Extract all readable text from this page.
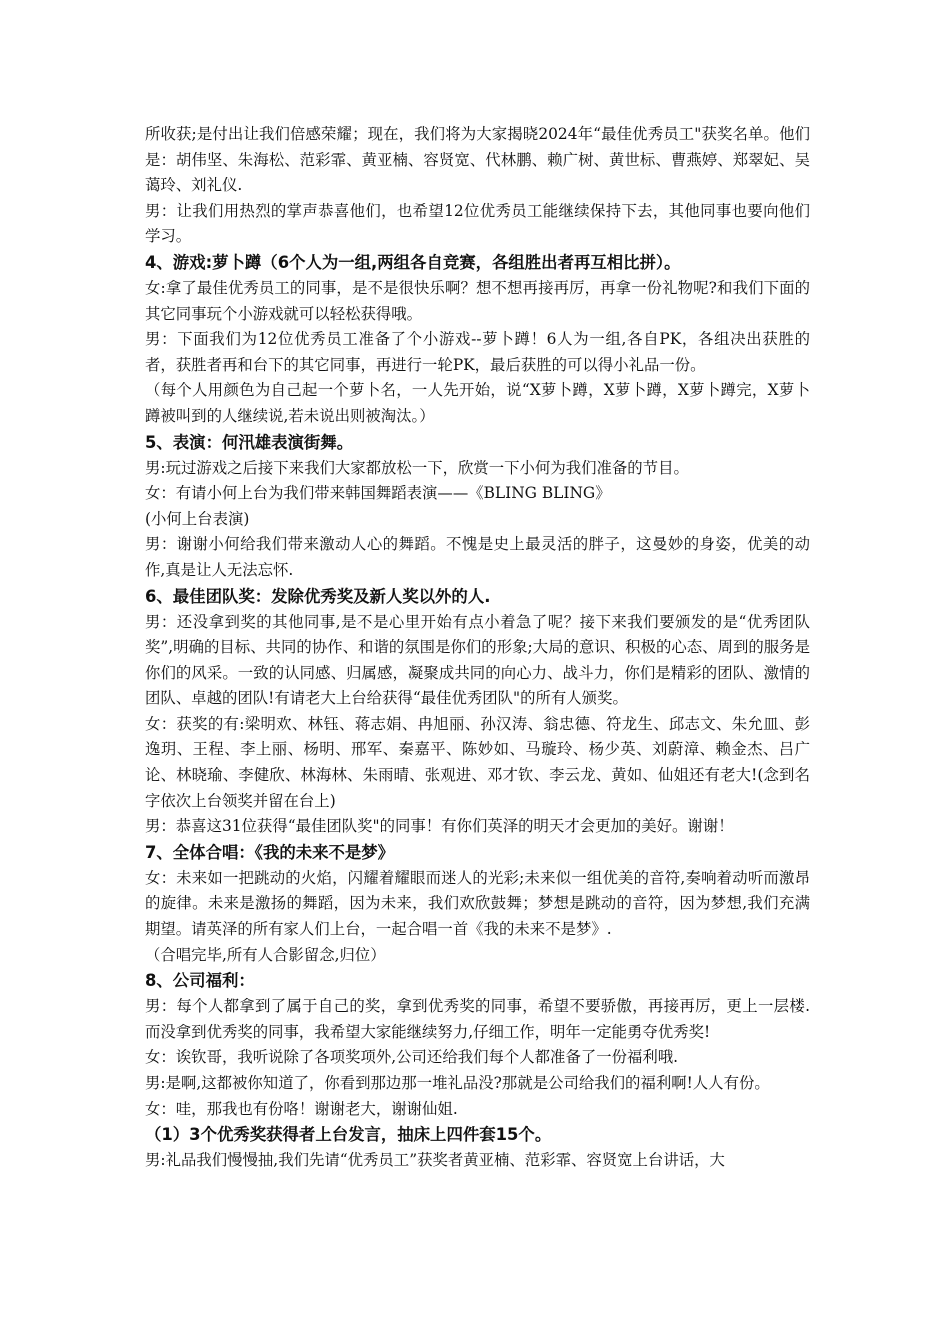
所收获;是付出让我们倍感荣耀；现在，我们将为大家揭晓2024年“最佳优秀员工"获奖名单。他们是：胡伟坚、朱海松、范彩霏、黄亚楠、容贤宽、代林鹏、赖广树、黄世标、曹燕婷、郑翠妃、吴蔼玲、刘礼仪.

男：让我们用热烈的掌声恭喜他们，也希望12位优秀员工能继续保持下去，其他同事也要向他们学习。

4、游戏:萝卜蹲（6个人为一组,两组各自竞赛，各组胜出者再互相比拼）。

女:拿了最佳优秀员工的同事，是不是很快乐啊？想不想再接再厉，再拿一份礼物呢?和我们下面的其它同事玩个小游戏就可以轻松获得哦。

男：下面我们为12位优秀员工准备了个小游戏--萝卜蹲！6人为一组,各自PK，各组决出获胜的者，获胜者再和台下的其它同事，再进行一轮PK，最后获胜的可以得小礼品一份。

（每个人用颜色为自己起一个萝卜名，一人先开始，说“X萝卜蹲，X萝卜蹲，X萝卜蹲完，X萝卜蹲被叫到的人继续说,若未说出则被淘汰。）

5、表演：何汛雄表演街舞。

男:玩过游戏之后接下来我们大家都放松一下，欣赏一下小何为我们准备的节目。

女：有请小何上台为我们带来韩国舞蹈表演——《BLING BLING》

(小何上台表演)

男：谢谢小何给我们带来激动人心的舞蹈。不愧是史上最灵活的胖子，这曼妙的身姿，优美的动作,真是让人无法忘怀.

6、最佳团队奖：发除优秀奖及新人奖以外的人.

男：还没拿到奖的其他同事,是不是心里开始有点小着急了呢？接下来我们要颁发的是“优秀团队奖”,明确的目标、共同的协作、和谐的氛围是你们的形象;大局的意识、积极的心态、周到的服务是你们的风采。一致的认同感、归属感，凝聚成共同的向心力、战斗力，你们是精彩的团队、激情的团队、卓越的团队!有请老大上台给获得“最佳优秀团队"的所有人颁奖。

女：获奖的有:梁明欢、林钰、蒋志娟、冉旭丽、孙汉涛、翁忠德、符龙生、邱志文、朱允皿、彭逸玥、王程、李上丽、杨明、邢军、秦嘉平、陈妙如、马璇玲、杨少英、刘蔚漳、赖金杰、吕广论、林晓瑜、李健欣、林海林、朱雨晴、张观进、邓才钦、李云龙、黄如、仙姐还有老大!(念到名字依次上台领奖并留在台上)

男：恭喜这31位获得“最佳团队奖"的同事！有你们英泽的明天才会更加的美好。谢谢！

7、全体合唱：《我的未来不是梦》

女：未来如一把跳动的火焰，闪耀着耀眼而迷人的光彩;未来似一组优美的音符,奏响着动听而激昂的旋律。未来是激扬的舞蹈，因为未来，我们欢欣鼓舞；梦想是跳动的音符，因为梦想,我们充满期望。请英泽的所有家人们上台，一起合唱一首《我的未来不是梦》.

（合唱完毕,所有人合影留念,归位）

8、公司福利：

男：每个人都拿到了属于自己的奖，拿到优秀奖的同事，希望不要骄傲，再接再厉，更上一层楼.而没拿到优秀奖的同事，我希望大家能继续努力,仔细工作，明年一定能勇夺优秀奖!

女：诶钦哥，我听说除了各项奖项外,公司还给我们每个人都准备了一份福利哦.

男:是啊,这都被你知道了，你看到那边那一堆礼品没?那就是公司给我们的福利啊!人人有份。

女：哇，那我也有份咯！谢谢老大，谢谢仙姐.

（1）3个优秀奖获得者上台发言，抽床上四件套15个。

男:礼品我们慢慢抽,我们先请“优秀员工”获奖者黄亚楠、范彩霏、容贤宽上台讲话，大
